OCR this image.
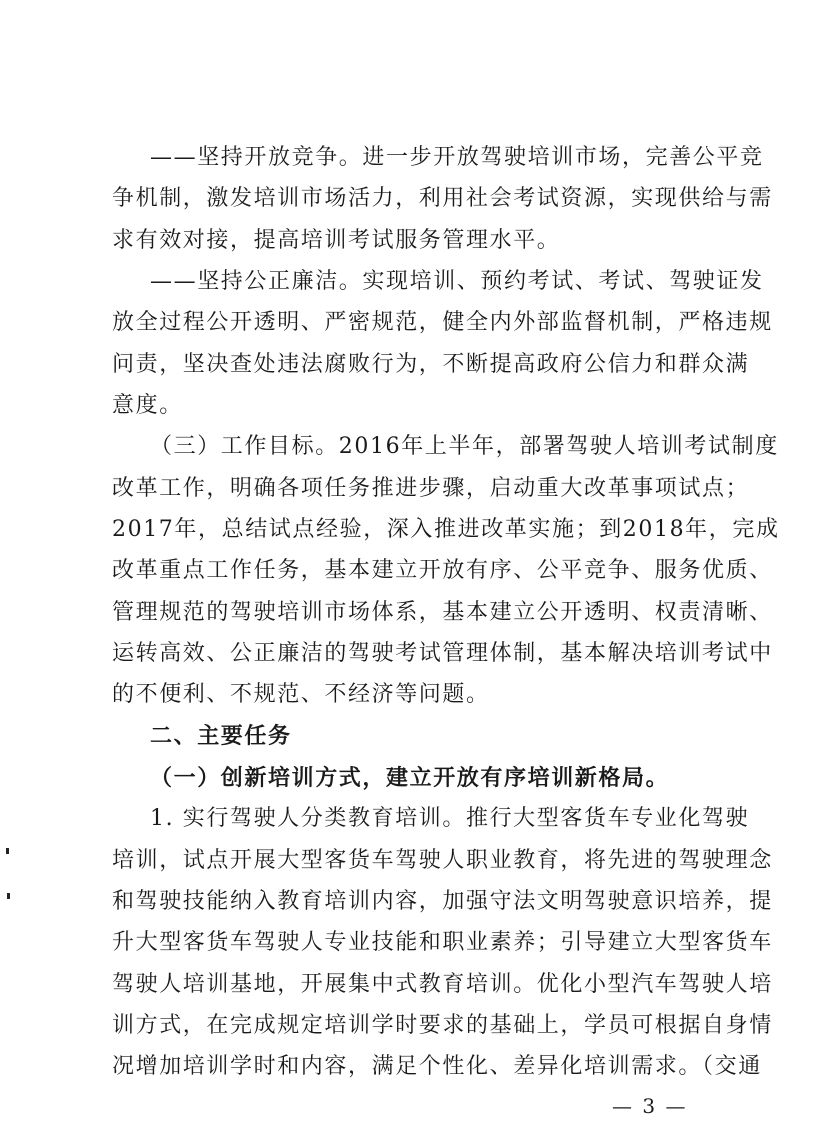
——坚持开放竞争。进一步开放驾驶培训市场，完善公平竞
争机制，激发培训市场活力，利用社会考试资源，实现供给与需
求有效对接，提高培训考试服务管理水平。
——坚持公正廉洁。实现培训、预约考试、考试、驾驶证发
放全过程公开透明、严密规范，健全内外部监督机制，严格违规
问责，坚决查处违法腐败行为，不断提高政府公信力和群众满
意度。
（三）工作目标。2016年上半年，部署驾驶人培训考试制度
改革工作，明确各项任务推进步骤，启动重大改革事项试点；
2017年，总结试点经验，深入推进改革实施；到2018年，完成
改革重点工作任务，基本建立开放有序、公平竞争、服务优质、
管理规范的驾驶培训市场体系，基本建立公开透明、权责清晰、
运转高效、公正廉洁的驾驶考试管理体制，基本解决培训考试中
的不便利、不规范、不经济等问题。
二、主要任务
（一）创新培训方式，建立开放有序培训新格局。
1. 实行驾驶人分类教育培训。推行大型客货车专业化驾驶
培训，试点开展大型客货车驾驶人职业教育，将先进的驾驶理念
和驾驶技能纳入教育培训内容，加强守法文明驾驶意识培养，提
升大型客货车驾驶人专业技能和职业素养；引导建立大型客货车
驾驶人培训基地，开展集中式教育培训。优化小型汽车驾驶人培
训方式，在完成规定培训学时要求的基础上，学员可根据自身情
况增加培训学时和内容，满足个性化、差异化培训需求。（交通
— 3 —
